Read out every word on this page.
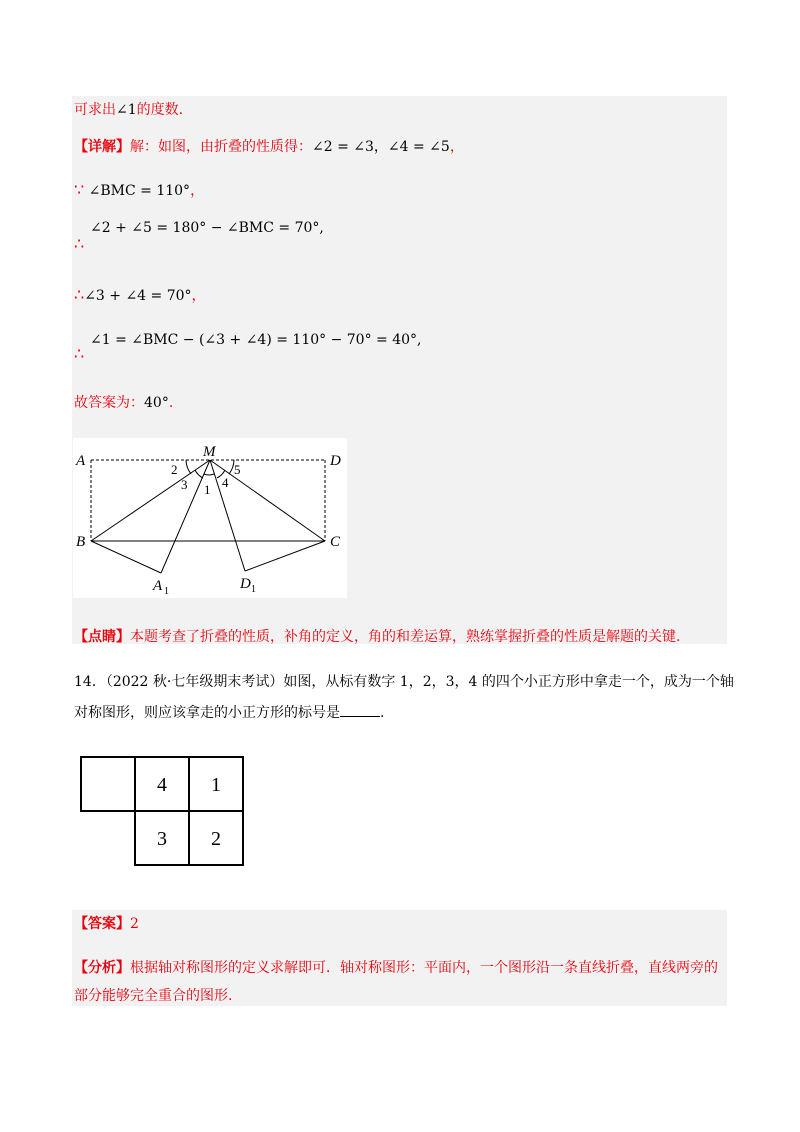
可求出∠1的度数.
【详解】解：如图，由折叠的性质得：∠2 = ∠3，∠4 = ∠5，
∵ ∠BMC = 110°，
∠2 + ∠5 = 180° − ∠BMC = 70°,
∴
∴∠3 + ∠4 = 70°，
∠1 = ∠BMC − (∠3 + ∠4) = 110° − 70° = 40°,
∴
故答案为：40°.
A	D
M
B	C
A	D
1	1
2	5
3	4
1
【点睛】本题考查了折叠的性质，补角的定义，角的和差运算，熟练掌握折叠的性质是解题的关键.
14．（2022 秋·七年级期末考试）如图，从标有数字 1，2，3，4 的四个小正方形中拿走一个，成为一个轴
对称图形，则应该拿走的小正方形的标号是	.
4 1
3 2
【答案】2
【分析】根据轴对称图形的定义求解即可．轴对称图形：平面内，一个图形沿一条直线折叠，直线两旁的
部分能够完全重合的图形.
